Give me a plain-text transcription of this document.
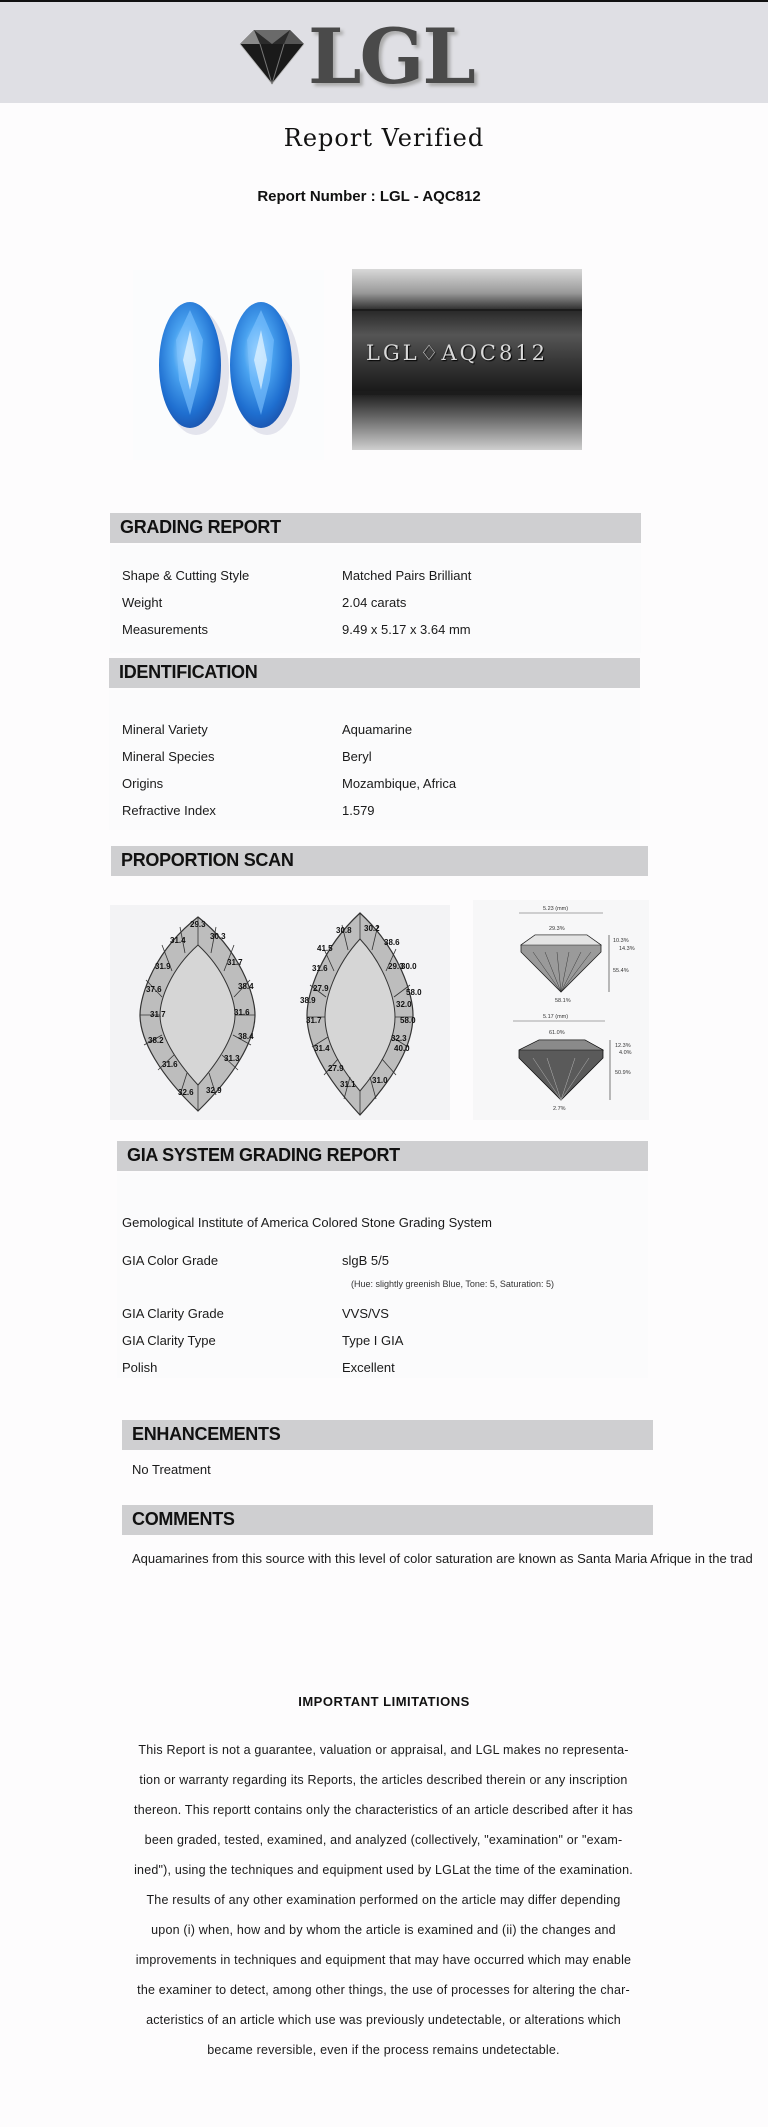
LGL
Report Verified
Report Number : LGL - AQC812
LGL♢AQC812
GRADING REPORT
Shape & Cutting Style	Matched Pairs Brilliant
Weight	2.04 carats
Measurements	9.49 x 5.17 x 3.64 mm
IDENTIFICATION
Mineral Variety	Aquamarine
Mineral Species	Beryl
Origins	Mozambique, Africa
Refractive Index	1.579
PROPORTION SCAN
29.3
31.4	30.3
31.9	31.7
37.6	38.4
31.7	31.6
38.2	38.4
31.6
31.3
32.6 32.9
30.8 30.2
41.5
38.6
31.6	29.3
30.0
27.9	58.0
38.9	32.0
31.7	58.0
32.3
31.4	40.0
27.9
31.1 31.0
5.23 (mm)
29.3%
10.3%
14.3%
55.4%
58.1%
5.17 (mm)
61.0%
12.3%
4.0%
50.9%
2.7%
GIA SYSTEM GRADING REPORT
Gemological Institute of America Colored Stone Grading System
GIA Color Grade	slgB 5/5
(Hue: slightly greenish Blue, Tone: 5, Saturation: 5)
GIA Clarity Grade	VVS/VS
GIA Clarity Type	Type I GIA
Polish	Excellent
ENHANCEMENTS
No Treatment
COMMENTS
Aquamarines from this source with this level of color saturation are known as Santa Maria Afrique in the trad
IMPORTANT LIMITATIONS
This Report is not a guarantee, valuation or appraisal, and LGL makes no representa-
tion or warranty regarding its Reports, the articles described therein or any inscription
thereon. This reportt contains only the characteristics of an article described after it has
been graded, tested, examined, and analyzed (collectively, "examination" or "exam-
ined"), using the techniques and equipment used by LGLat the time of the examination.
The results of any other examination performed on the article may differ depending
upon (i) when, how and by whom the article is examined and (ii) the changes and
improvements in techniques and equipment that may have occurred which may enable
the examiner to detect, among other things, the use of processes for altering the char-
acteristics of an article which use was previously undetectable, or alterations which
became reversible, even if the process remains undetectable.
